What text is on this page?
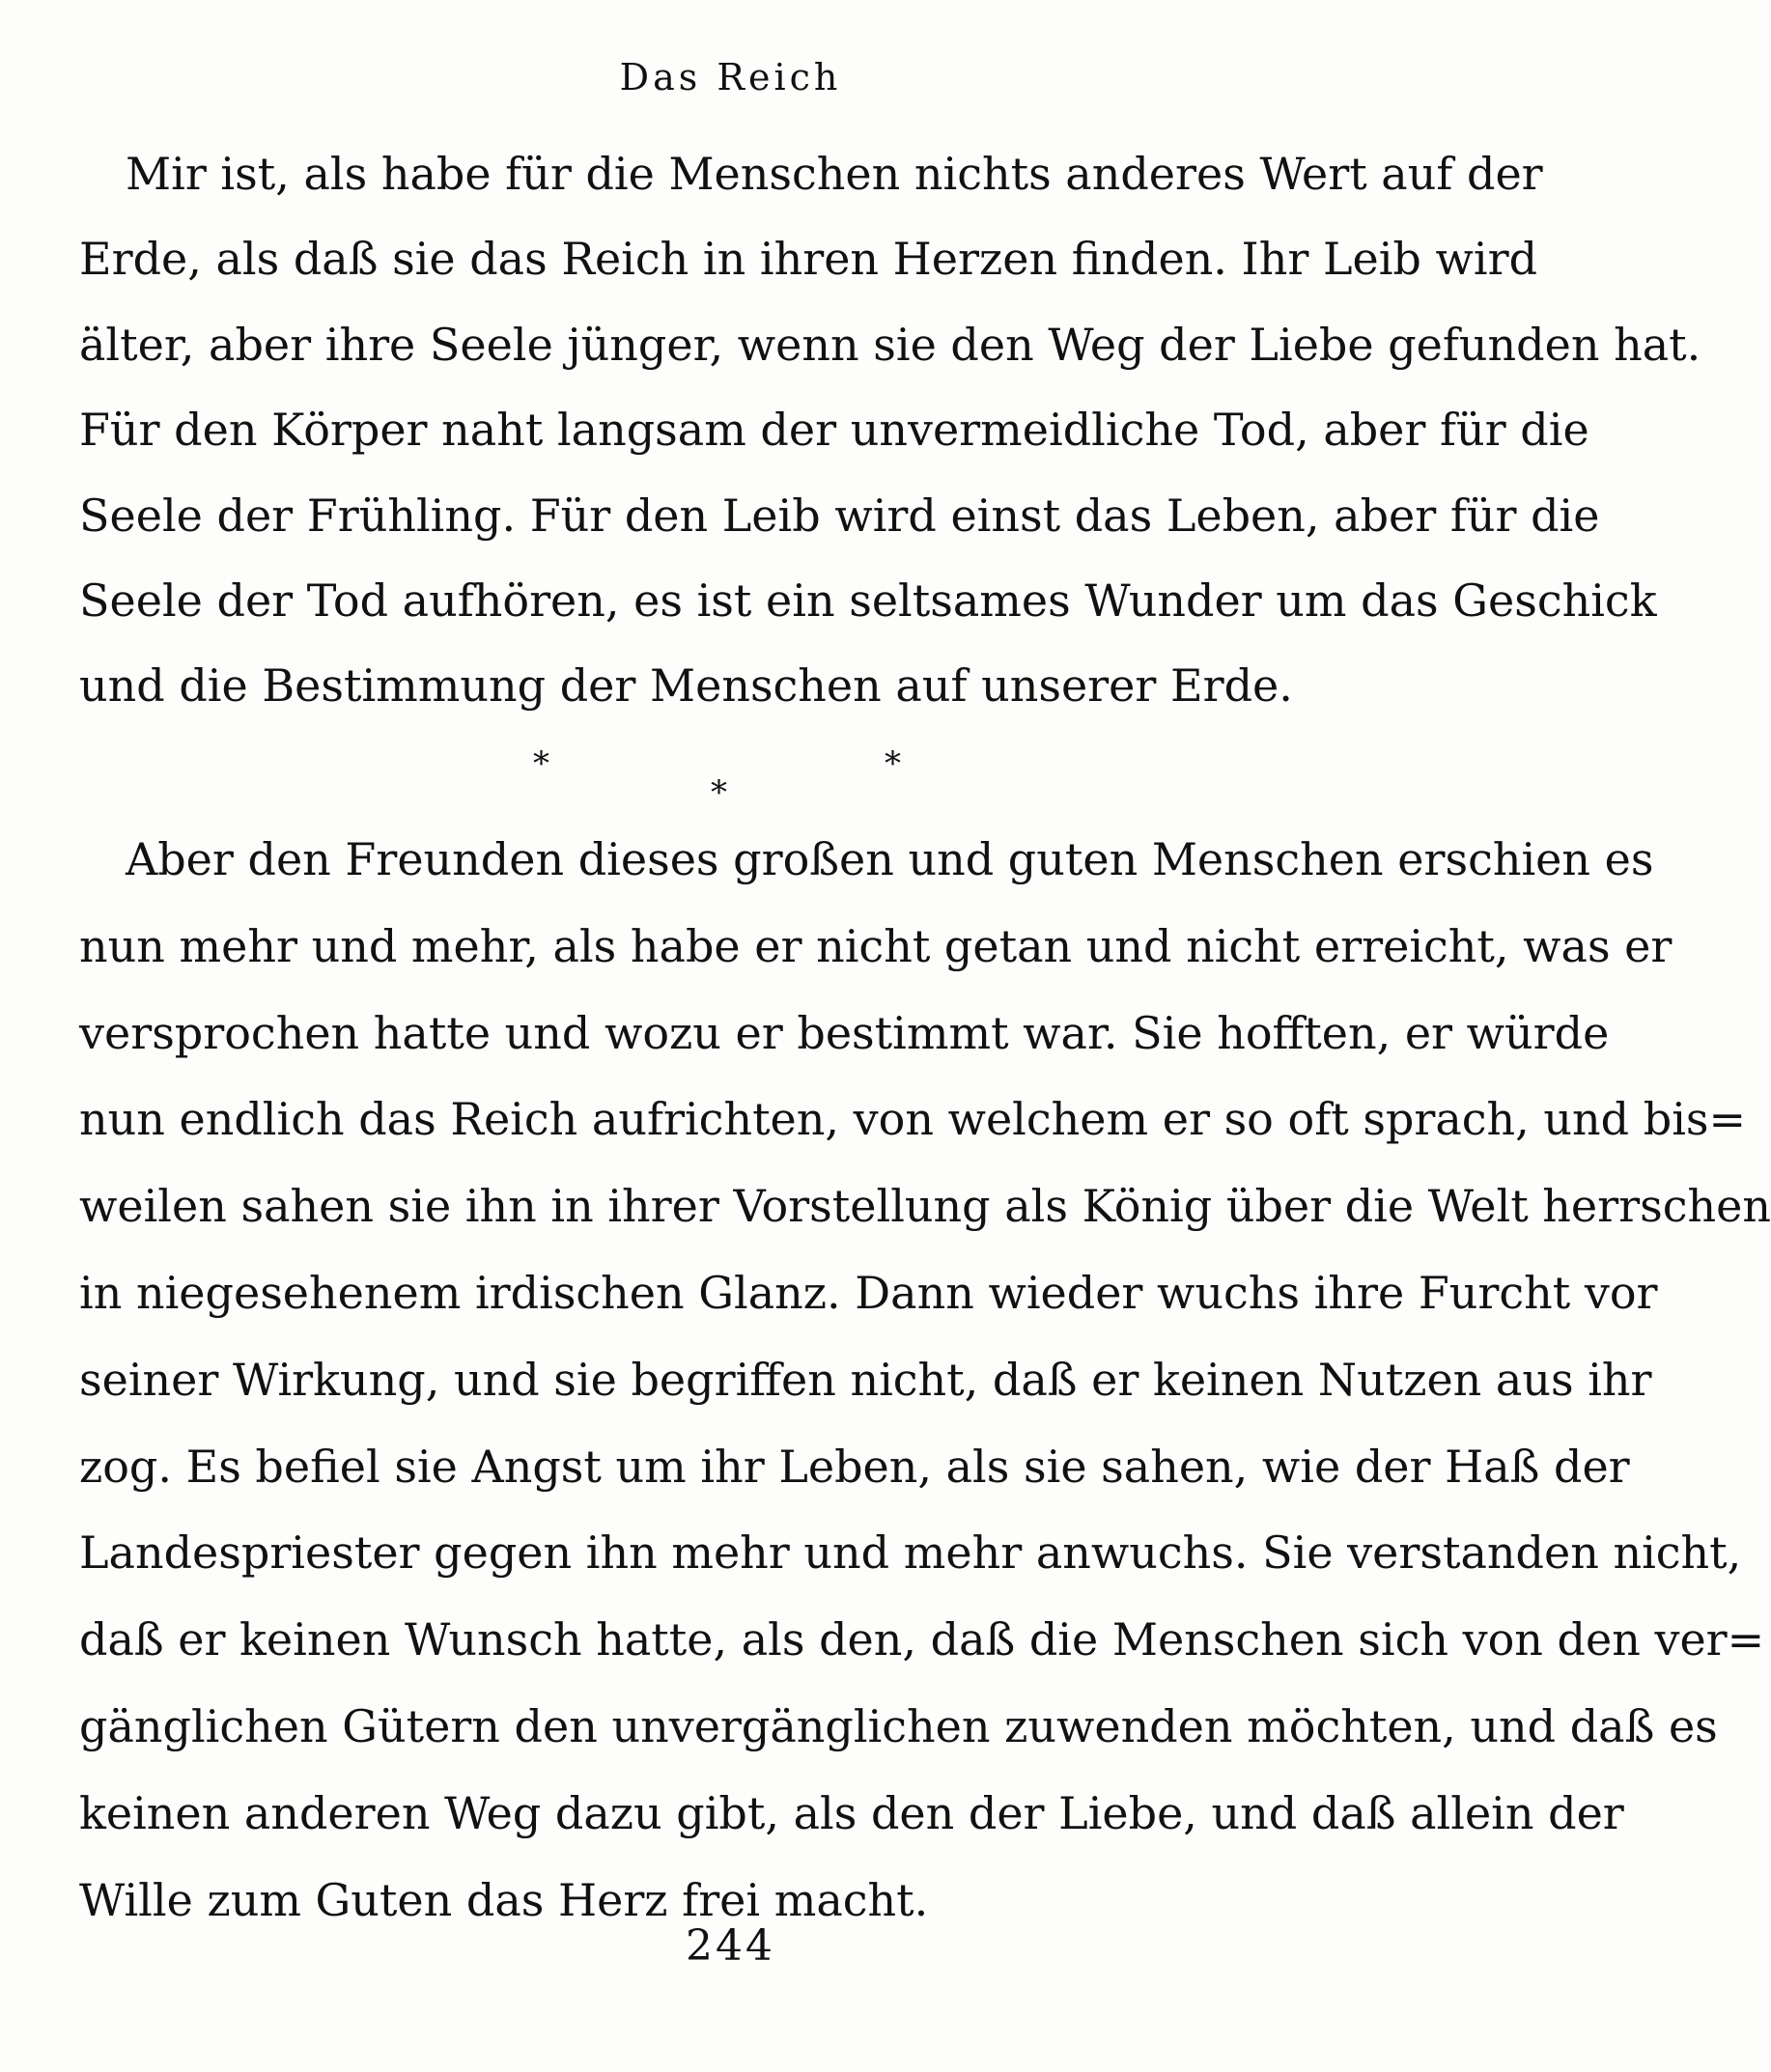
Das Reich
Mir ist, als habe für die Menschen nichts anderes Wert auf der
Erde, als daß sie das Reich in ihren Herzen finden. Ihr Leib wird
älter, aber ihre Seele jünger, wenn sie den Weg der Liebe gefunden hat.
Für den Körper naht langsam der unvermeidliche Tod, aber für die
Seele der Frühling. Für den Leib wird einst das Leben, aber für die
Seele der Tod aufhören, es ist ein seltsames Wunder um das Geschick
und die Bestimmung der Menschen auf unserer Erde.
*	*
*
Aber den Freunden dieses großen und guten Menschen erschien es
nun mehr und mehr, als habe er nicht getan und nicht erreicht, was er
versprochen hatte und wozu er bestimmt war. Sie hofften, er würde
nun endlich das Reich aufrichten, von welchem er so oft sprach, und bis=
weilen sahen sie ihn in ihrer Vorstellung als König über die Welt herrschen
in niegesehenem irdischen Glanz. Dann wieder wuchs ihre Furcht vor
seiner Wirkung, und sie begriffen nicht, daß er keinen Nutzen aus ihr
zog. Es befiel sie Angst um ihr Leben, als sie sahen, wie der Haß der
Landespriester gegen ihn mehr und mehr anwuchs. Sie verstanden nicht,
daß er keinen Wunsch hatte, als den, daß die Menschen sich von den ver=
gänglichen Gütern den unvergänglichen zuwenden möchten, und daß es
keinen anderen Weg dazu gibt, als den der Liebe, und daß allein der
Wille zum Guten das Herz frei macht.
244
